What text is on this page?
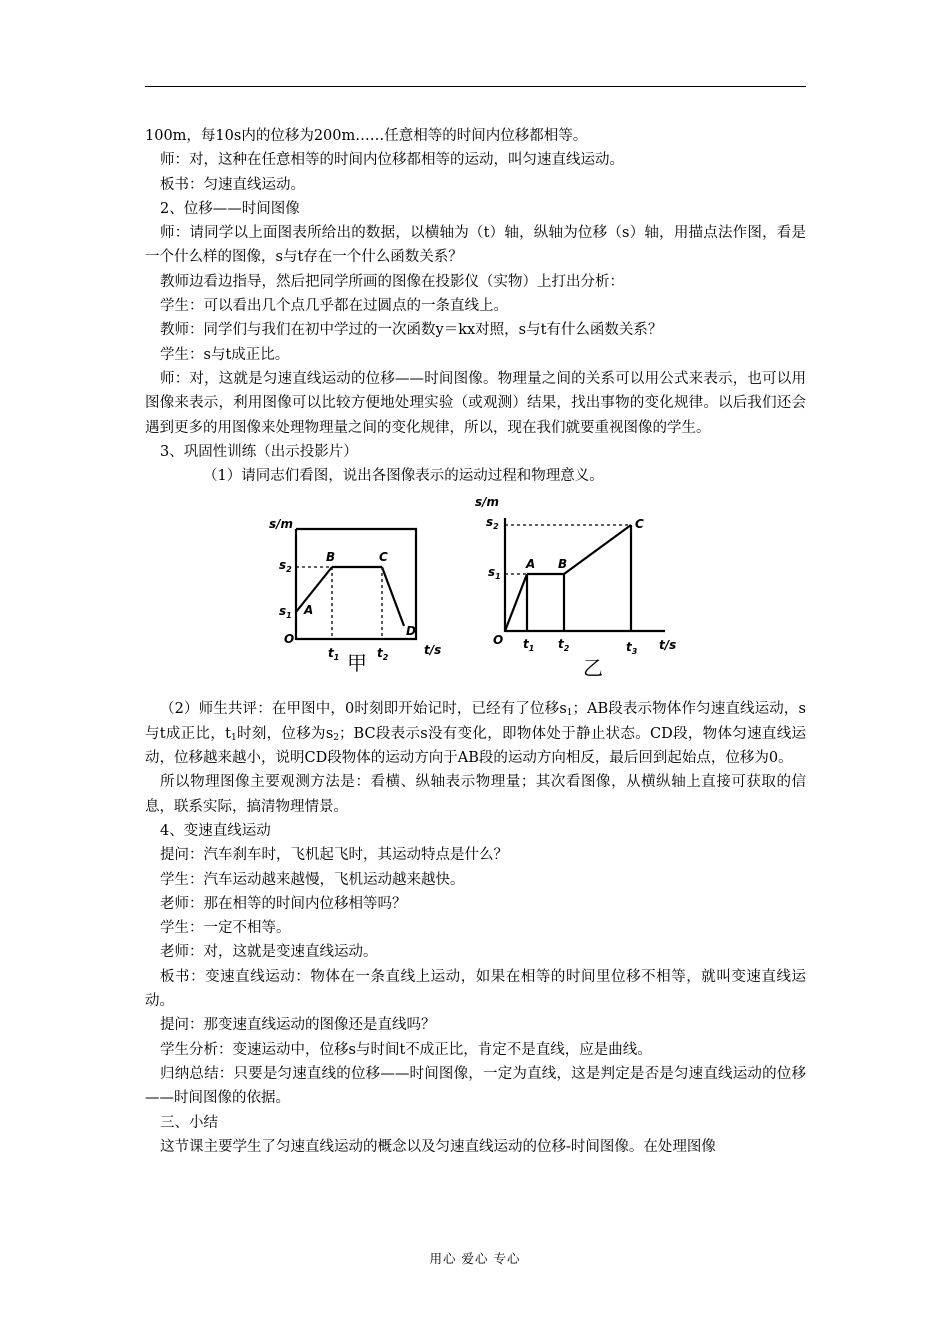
100m，每10s内的位移为200m……任意相等的时间内位移都相等。

师：对，这种在任意相等的时间内位移都相等的运动，叫匀速直线运动。

板书：匀速直线运动。

2、位移——时间图像

师：请同学以上面图表所给出的数据，以横轴为（t）轴，纵轴为位移（s）轴，用描点法作图，看是一个什么样的图像，s与t存在一个什么函数关系？

教师边看边指导，然后把同学所画的图像在投影仪（实物）上打出分析：

学生：可以看出几个点几乎都在过圆点的一条直线上。

教师：同学们与我们在初中学过的一次函数y＝kx对照，s与t有什么函数关系？

学生：s与t成正比。

师：对，这就是匀速直线运动的位移——时间图像。物理量之间的关系可以用公式来表示，也可以用图像来表示，利用图像可以比较方便地处理实验（或观测）结果，找出事物的变化规律。以后我们还会遇到更多的用图像来处理物理量之间的变化规律，所以，现在我们就要重视图像的学生。

3、巩固性训练（出示投影片）

（1）请同志们看图，说出各图像表示的运动过程和物理意义。

s/m
$s_2$
$s_1$
O
A
B	C
D
$t_1$	$t_2$
t/s
甲
s/m
$s_2$
$s_1$
O
A B
C
$t_1$ $t_2$	$t_3$ t/s
乙

（2）师生共评：在甲图中，0时刻即开始记时，已经有了位移$s_1$；AB段表示物体作匀速直线运动，s与t成正比，$t_1$时刻，位移为$s_2$；BC段表示s没有变化，即物体处于静止状态。CD段，物体匀速直线运动，位移越来越小，说明CD段物体的运动方向于AB段的运动方向相反，最后回到起始点，位移为0。

所以物理图像主要观测方法是：看横、纵轴表示物理量；其次看图像，从横纵轴上直接可获取的信息，联系实际，搞清物理情景。

4、变速直线运动

提问：汽车刹车时，飞机起飞时，其运动特点是什么？

学生：汽车运动越来越慢，飞机运动越来越快。

老师：那在相等的时间内位移相等吗？

学生：一定不相等。

老师：对，这就是变速直线运动。

板书：变速直线运动：物体在一条直线上运动，如果在相等的时间里位移不相等，就叫变速直线运动。

提问：那变速直线运动的图像还是直线吗？

学生分析：变速运动中，位移s与时间t不成正比，肯定不是直线，应是曲线。

归纳总结：只要是匀速直线的位移——时间图像，一定为直线，这是判定是否是匀速直线运动的位移——时间图像的依据。

三、小结

这节课主要学生了匀速直线运动的概念以及匀速直线运动的位移-时间图像。在处理图像

用心 爱心 专心
